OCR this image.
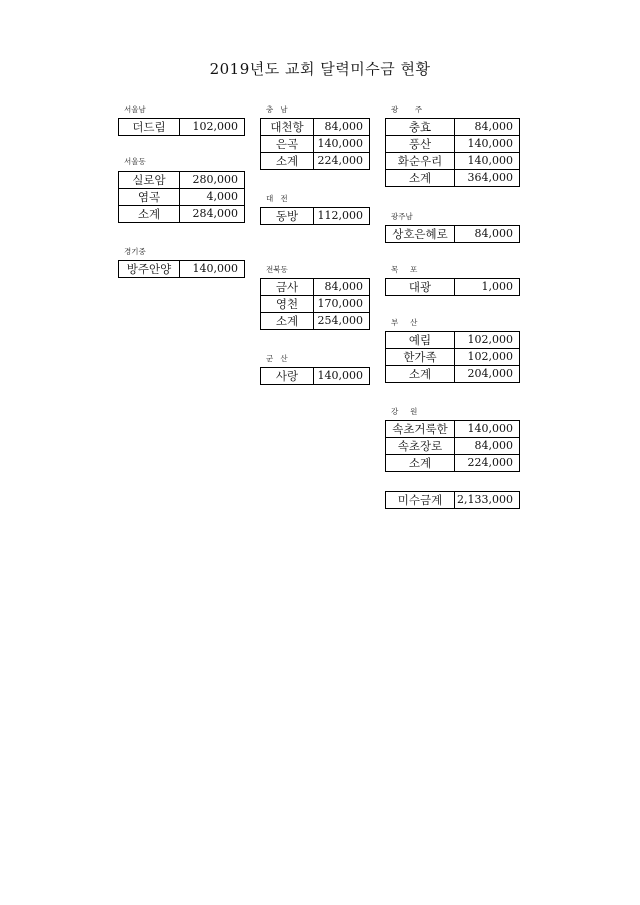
2019년도 교회 달력미수금 현황
서울남
더드림	102,000
서울동
실로암	280,000
염곡	4,000
소계	284,000
경기중
방주안양	140,000
충   남
대천항	84,000
은곡	140,000
소계	224,000
대   전
동방	112,000
전북동
금사	84,000
영천	170,000
소계	254,000
군   산
사랑	140,000
광       주
충효	84,000
풍산	140,000
화순우리	140,000
소계	364,000
광주남
상호은혜로	84,000
목     포
대광	1,000
부     산
예림	102,000
한가족	102,000
소계	204,000
강     원
속초거룩한	140,000
속초장로	84,000
소계	224,000
미수금계	2,133,000
